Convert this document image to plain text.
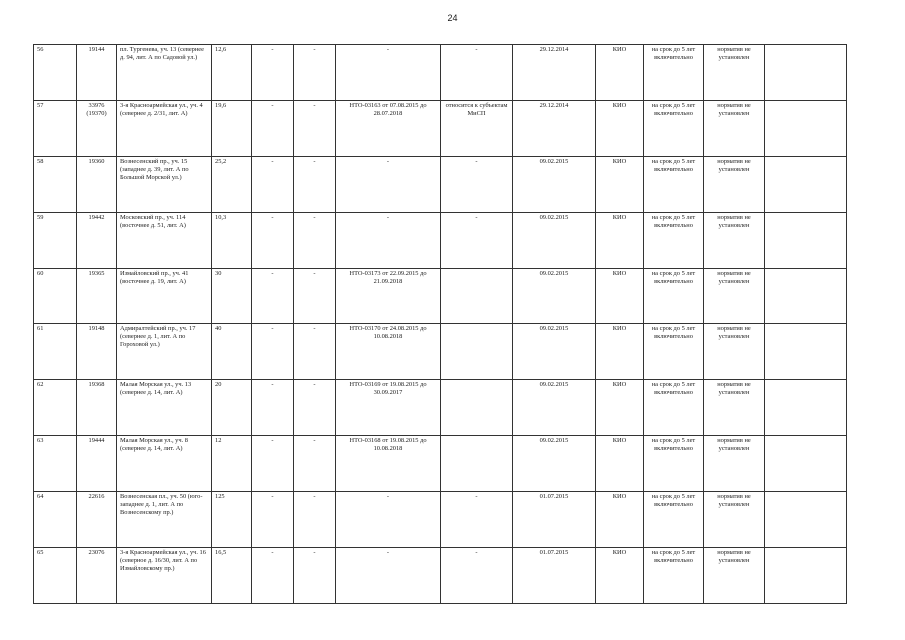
24
56	19144	пл. Тургенева, уч. 13 (севернее д. 94, лит. А по Садовой ул.)	12,6	-	-	-	-	29.12.2014	КИО	на срок до 5 лет включительно	норматив не установлен	
57	33976 (19370)	3-я Красноармейская ул., уч. 4 (севернее д. 2/31, лит. А)	19,6	-	-	НТО-03163 от 07.08.2015 до 28.07.2018	относится к субъектам МиСП	29.12.2014	КИО	на срок до 5 лет включительно	норматив не установлен	
58	19360	Вознесенский пр., уч. 15 (западнее д. 39, лит. А по Большой Морской ул.)	25,2	-	-	-	-	09.02.2015	КИО	на срок до 5 лет включительно	норматив не установлен	
59	19442	Московский пр., уч. 114 (восточнее д. 51, лит. А)	10,3	-	-	-	-	09.02.2015	КИО	на срок до 5 лет включительно	норматив не установлен	
60	19365	Измайловский пр., уч. 41 (восточнее д. 19, лит. А)	30	-	-	НТО-03173 от 22.09.2015 до 21.09.2018		09.02.2015	КИО	на срок до 5 лет включительно	норматив не установлен	
61	19148	Адмиралтейский пр., уч. 17 (севернее д. 1, лит. А по Гороховой ул.)	40	-	-	НТО-03170 от 24.08.2015 до 10.08.2018		09.02.2015	КИО	на срок до 5 лет включительно	норматив не установлен	
62	19368	Малая Морская ул., уч. 13 (севернее д. 14, лит. А)	20	-	-	НТО-03169 от 19.08.2015 до 30.09.2017		09.02.2015	КИО	на срок до 5 лет включительно	норматив не установлен	
63	19444	Малая Морская ул., уч. 8 (севернее д. 14, лит. А)	12	-	-	НТО-03168 от 19.08.2015 до 10.08.2018		09.02.2015	КИО	на срок до 5 лет включительно	норматив не установлен	
64	22616	Вознесенская пл., уч. 50 (юго-западнее д. 1, лит. А по Вознесенскому пр.)	125	-	-	-	-	01.07.2015	КИО	на срок до 5 лет включительно	норматив не установлен	
65	23076	3-я Красноармейская ул., уч. 16 (северное д. 16/30, лит. А по Измайловскому пр.)	16,5	-	-	-	-	01.07.2015	КИО	на срок до 5 лет включительно	норматив не установлен	
